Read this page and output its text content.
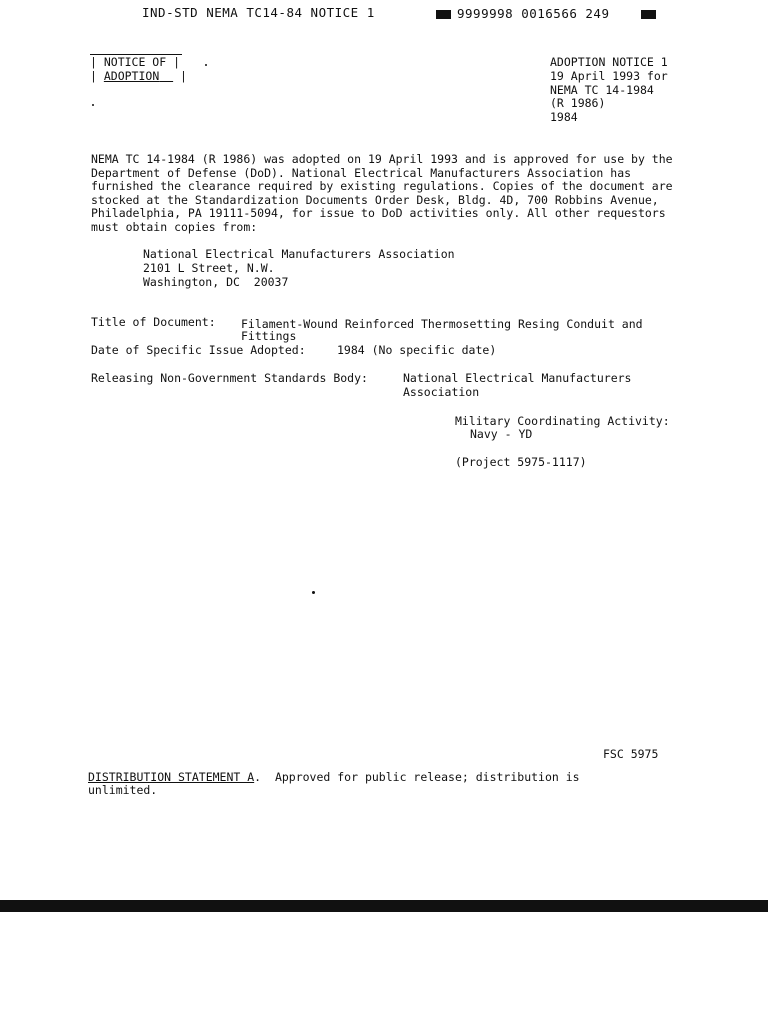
IND-STD NEMA TC14-84 NOTICE 1	9999998 0016566 249
| NOTICE OF |
| ADOPTION   |
ADOPTION NOTICE 1
19 April 1993 for
NEMA TC 14-1984
(R 1986)
1984

NEMA TC 14-1984 (R 1986) was adopted on 19 April 1993 and is approved for use by the Department of Defense (DoD). National Electrical Manufacturers Association has furnished the clearance required by existing regulations. Copies of the document are stocked at the Standardization Documents Order Desk, Bldg. 4D, 700 Robbins Avenue, Philadelphia, PA 19111-5094, for issue to DoD activities only. All other requestors must obtain copies from:

National Electrical Manufacturers Association
2101 L Street, N.W.
Washington, DC  20037
Title of Document: Filament-Wound Reinforced Thermosetting Resing Conduit and
Fittings
Date of Specific Issue Adopted:	1984 (No specific date)
Releasing Non-Government Standards Body:	National Electrical Manufacturers
Association
Military Coordinating Activity:
Navy - YD
(Project 5975-1117)
FSC 5975
DISTRIBUTION STATEMENT A.  Approved for public release; distribution is
unlimited.
